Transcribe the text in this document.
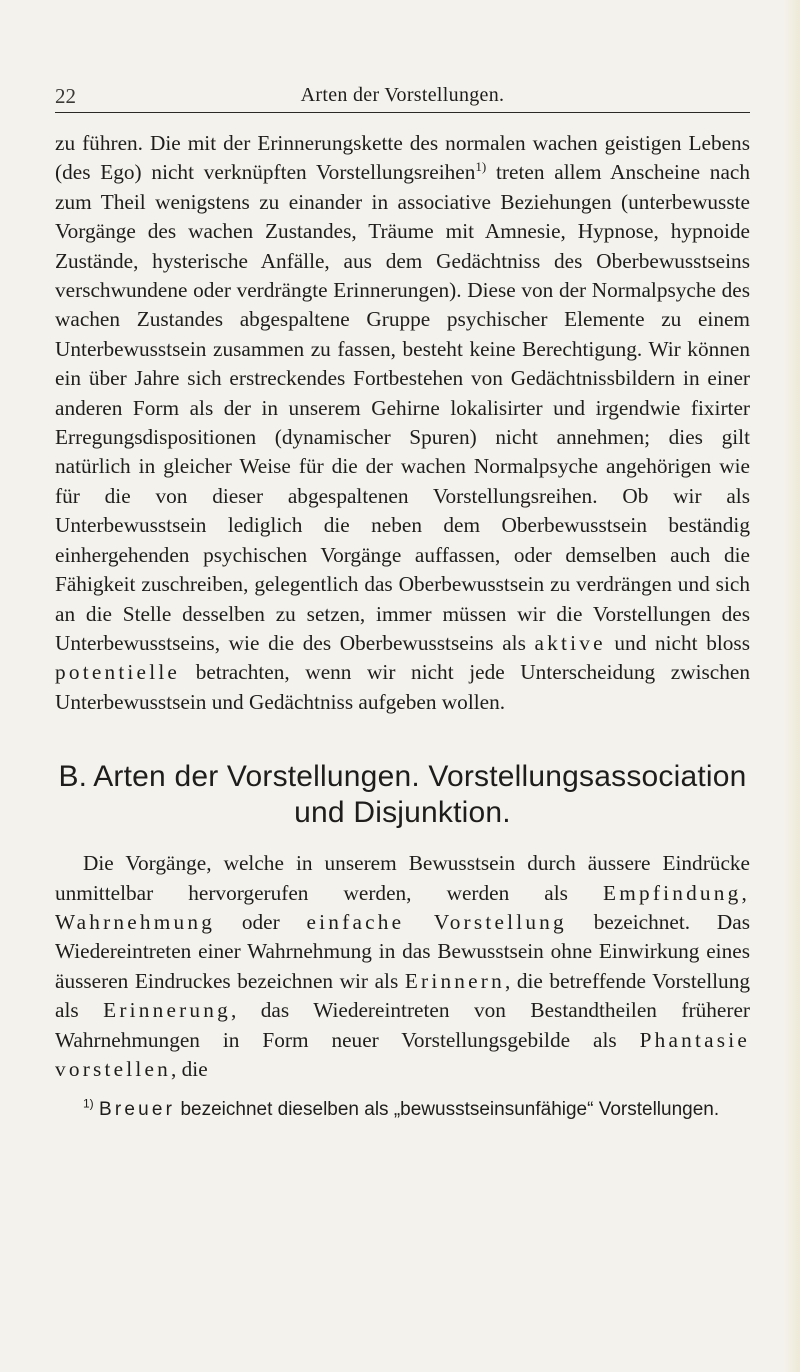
22	Arten der Vorstellungen.

zu führen. Die mit der Erinnerungskette des normalen wachen geistigen Lebens (des Ego) nicht verknüpften Vorstellungsreihen$^{1)}$ treten allem Anscheine nach zum Theil wenigstens zu einander in associative Beziehungen (unterbewusste Vorgänge des wachen Zustandes, Träume mit Amnesie, Hypnose, hypnoide Zustände, hysterische Anfälle, aus dem Gedächtniss des Oberbewusstseins verschwundene oder verdrängte Erinnerungen). Diese von der Normalpsyche des wachen Zustandes abgespaltene Gruppe psychischer Elemente zu einem Unterbewusstsein zusammen zu fassen, besteht keine Berechtigung. Wir können ein über Jahre sich erstreckendes Fortbestehen von Gedächtnissbildern in einer anderen Form als der in unserem Gehirne lokalisirter und irgendwie fixirter Erregungsdispositionen (dynamischer Spuren) nicht annehmen; dies gilt natürlich in gleicher Weise für die der wachen Normalpsyche angehörigen wie für die von dieser abgespaltenen Vorstellungsreihen. Ob wir als Unterbewusstsein lediglich die neben dem Oberbewusstsein beständig einhergehenden psychischen Vorgänge auffassen, oder demselben auch die Fähigkeit zuschreiben, gelegentlich das Oberbewusstsein zu verdrängen und sich an die Stelle desselben zu setzen, immer müssen wir die Vorstellungen des Unterbewusstseins, wie die des Oberbewusstseins als aktive und nicht bloss potentielle betrachten, wenn wir nicht jede Unterscheidung zwischen Unterbewusstsein und Gedächtniss aufgeben wollen.

B. Arten der Vorstellungen. Vorstellungsassociation und Disjunktion.

Die Vorgänge, welche in unserem Bewusstsein durch äussere Eindrücke unmittelbar hervorgerufen werden, werden als Empfindung, Wahrnehmung oder einfache Vorstellung bezeichnet. Das Wiedereintreten einer Wahrnehmung in das Bewusstsein ohne Einwirkung eines äusseren Eindruckes bezeichnen wir als Erinnern, die betreffende Vorstellung als Erinnerung, das Wiedereintreten von Bestandtheilen früherer Wahrnehmungen in Form neuer Vorstellungsgebilde als Phantasie vorstellen, die

$^{1)}$ Breuer bezeichnet dieselben als „bewusstseinsunfähige“ Vorstellungen.
